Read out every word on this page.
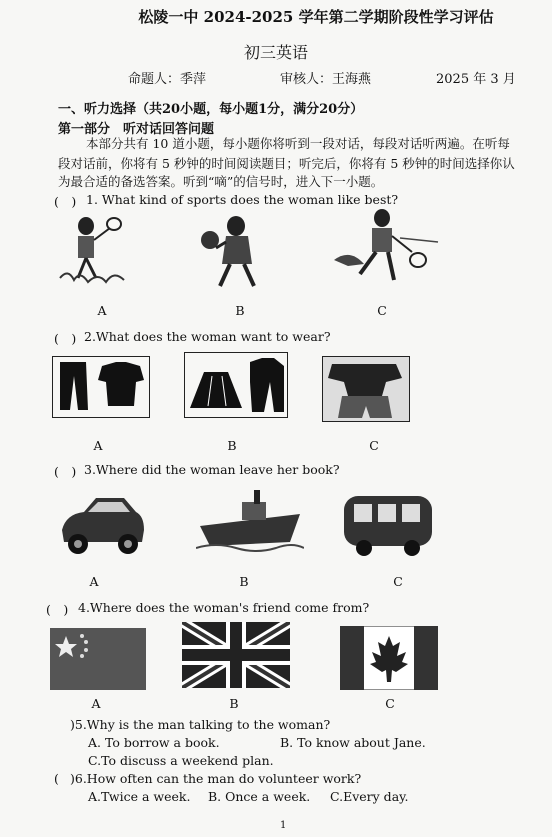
松陵一中 2024-2025 学年第二学期阶段性学习评估
初三英语
命题人：季萍	审核人：王海燕	2025 年 3 月
一、听力选择（共20小题，每小题1分，满分20分）
第一部分　听对话回答问题
本部分共有 10 道小题，每小题你将听到一段对话，每段对话听两遍。在听每
段对话前，你将有 5 秒钟的时间阅读题目；听完后，你将有 5 秒钟的时间选择你认
为最合适的备选答案。听到“嘀”的信号时，进入下一小题。
(　) 1. What kind of sports does the woman like best?
A	B	C
(　) 2.What does the woman want to wear?
A	B	C
(　) 3.Where did the woman leave her book?
A	B	C
(　) 4.Where does the woman's friend come from?
A	B	C
)5.Why is the man talking to the woman?
A. To borrow a book.	B. To know about Jane.
C.To discuss a weekend plan.
( )6.How often can the man do volunteer work?
A.Twice a week. B. Once a week. C.Every day.
1
